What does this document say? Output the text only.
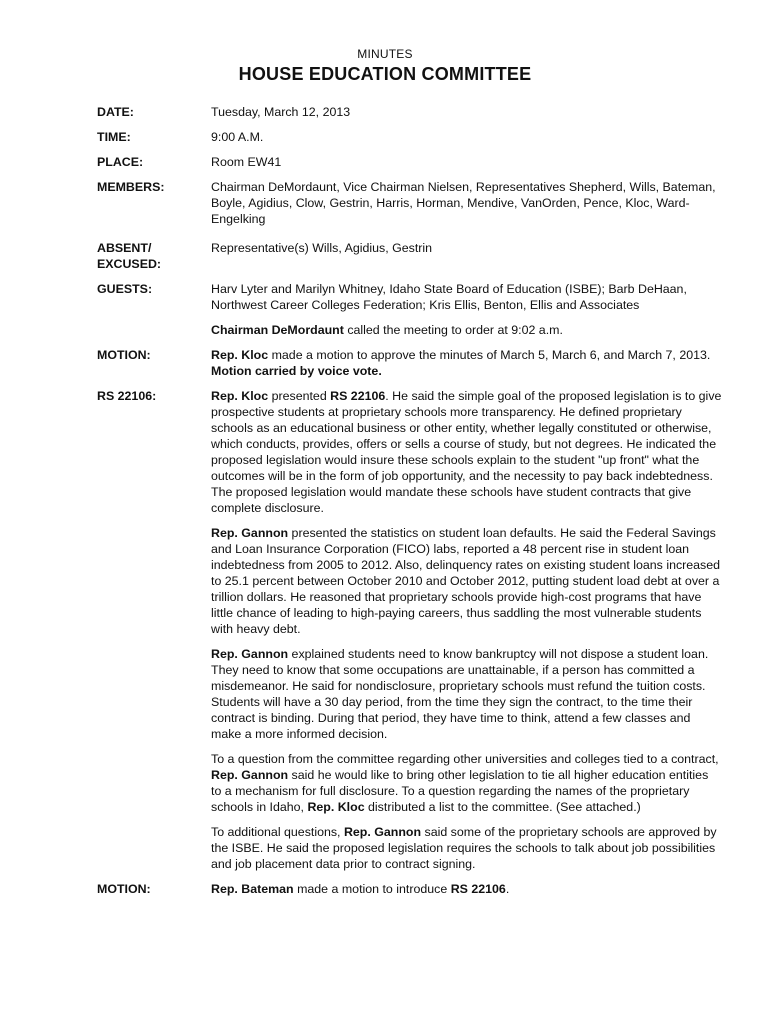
MINUTES
HOUSE EDUCATION COMMITTEE
DATE:	Tuesday, March 12, 2013
TIME:	9:00 A.M.
PLACE:	Room EW41
MEMBERS:	Chairman DeMordaunt, Vice Chairman Nielsen, Representatives Shepherd, Wills, Bateman, Boyle, Agidius, Clow, Gestrin, Harris, Horman, Mendive, VanOrden, Pence, Kloc, Ward-Engelking
ABSENT/
EXCUSED:
Representative(s) Wills, Agidius, Gestrin
GUESTS:	Harv Lyter and Marilyn Whitney, Idaho State Board of Education (ISBE); Barb DeHaan, Northwest Career Colleges Federation; Kris Ellis, Benton, Ellis and Associates
Chairman DeMordaunt called the meeting to order at 9:02 a.m.
MOTION:	Rep. Kloc made a motion to approve the minutes of March 5, March 6, and March 7, 2013. Motion carried by voice vote.
RS 22106:	Rep. Kloc presented RS 22106. He said the simple goal of the proposed legislation is to give prospective students at proprietary schools more transparency. He defined proprietary schools as an educational business or other entity, whether legally constituted or otherwise, which conducts, provides, offers or sells a course of study, but not degrees. He indicated the proposed legislation would insure these schools explain to the student "up front" what the outcomes will be in the form of job opportunity, and the necessity to pay back indebtedness. The proposed legislation would mandate these schools have student contracts that give complete disclosure.
Rep. Gannon presented the statistics on student loan defaults. He said the Federal Savings and Loan Insurance Corporation (FICO) labs, reported a 48 percent rise in student loan indebtedness from 2005 to 2012. Also, delinquency rates on existing student loans increased to 25.1 percent between October 2010 and October 2012, putting student load debt at over a trillion dollars. He reasoned that proprietary schools provide high-cost programs that have little chance of leading to high-paying careers, thus saddling the most vulnerable students with heavy debt.
Rep. Gannon explained students need to know bankruptcy will not dispose a student loan. They need to know that some occupations are unattainable, if a person has committed a misdemeanor. He said for nondisclosure, proprietary schools must refund the tuition costs. Students will have a 30 day period, from the time they sign the contract, to the time their contract is binding. During that period, they have time to think, attend a few classes and make a more informed decision.
To a question from the committee regarding other universities and colleges tied to a contract, Rep. Gannon said he would like to bring other legislation to tie all higher education entities to a mechanism for full disclosure. To a question regarding the names of the proprietary schools in Idaho, Rep. Kloc distributed a list to the committee. (See attached.)
To additional questions, Rep. Gannon said some of the proprietary schools are approved by the ISBE. He said the proposed legislation requires the schools to talk about job possibilities and job placement data prior to contract signing.
MOTION:	Rep. Bateman made a motion to introduce RS 22106.
